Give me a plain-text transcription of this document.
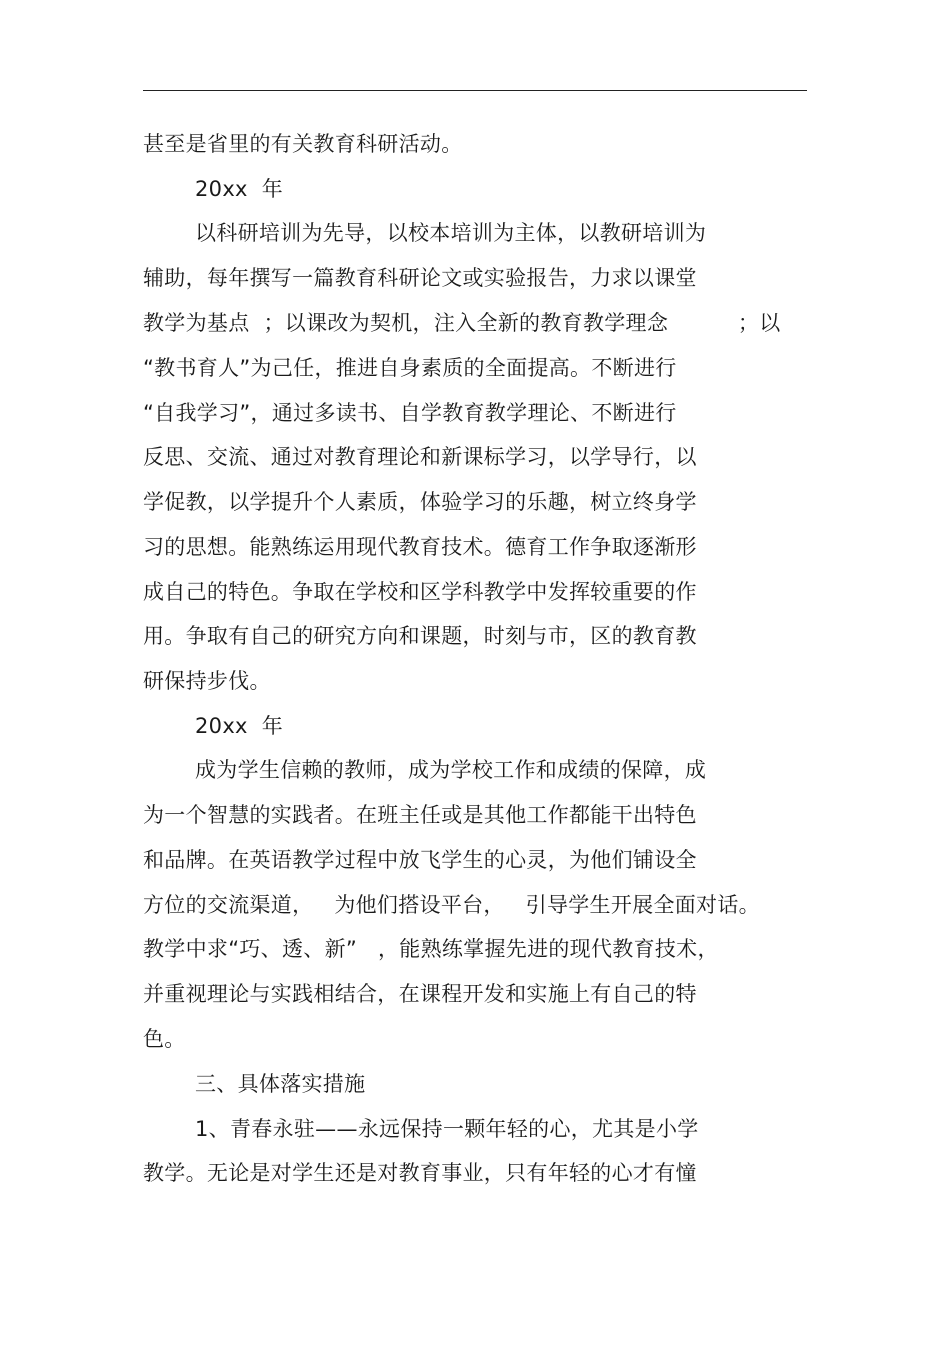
甚至是省里的有关教育科研活动。
20xx  年
以科研培训为先导，以校本培训为主体，以教研培训为
辅助，每年撰写一篇教育科研论文或实验报告，力求以课堂
教学为基点  ；以课改为契机，注入全新的教育教学理念          ；以
“教书育人”为己任，推进自身素质的全面提高。不断进行
“自我学习”，通过多读书、自学教育教学理论、不断进行
反思、交流、通过对教育理论和新课标学习，以学导行，以
学促教，以学提升个人素质，体验学习的乐趣，树立终身学
习的思想。能熟练运用现代教育技术。德育工作争取逐渐形
成自己的特色。争取在学校和区学科教学中发挥较重要的作
用。争取有自己的研究方向和课题，时刻与市，区的教育教
研保持步伐。
20xx  年
成为学生信赖的教师，成为学校工作和成绩的保障，成
为一个智慧的实践者。在班主任或是其他工作都能干出特色
和品牌。在英语教学过程中放飞学生的心灵，为他们铺设全
方位的交流渠道，   为他们搭设平台，   引导学生开展全面对话。
教学中求“巧、透、新”   ，能熟练掌握先进的现代教育技术，
并重视理论与实践相结合，在课程开发和实施上有自己的特
色。
三、具体落实措施
1、青春永驻——永远保持一颗年轻的心，尤其是小学
教学。无论是对学生还是对教育事业，只有年轻的心才有憧
